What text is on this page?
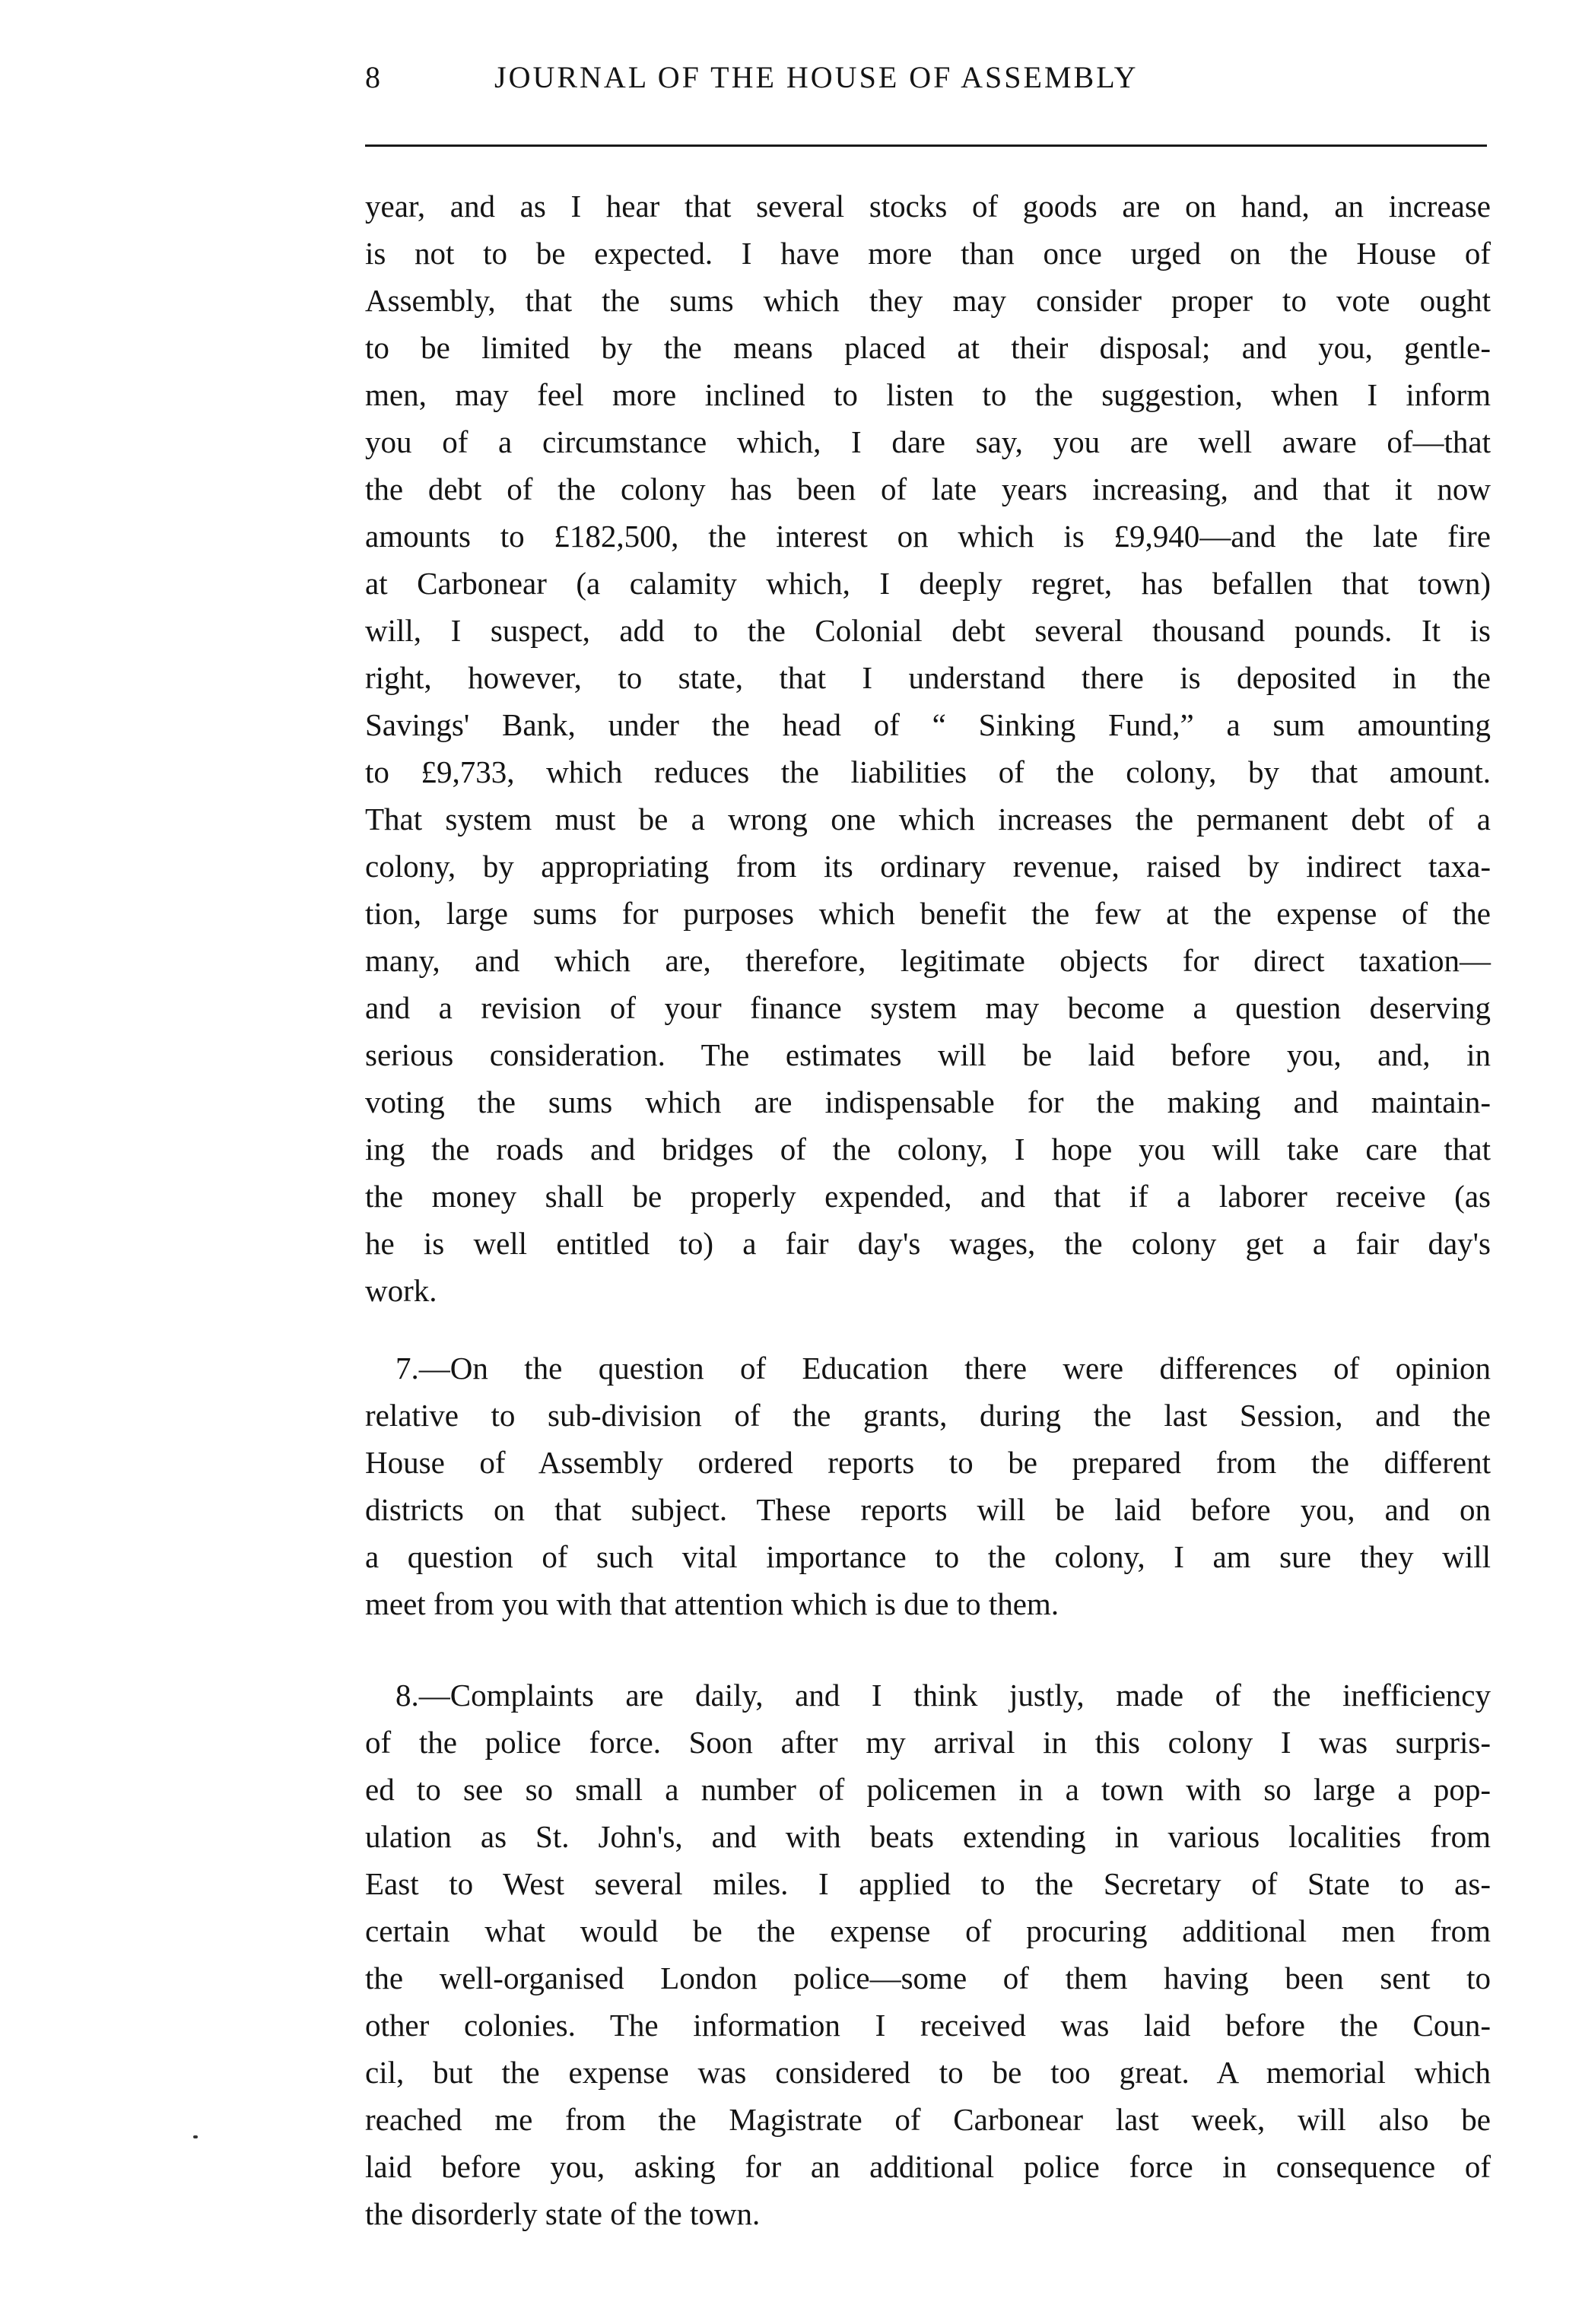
8	JOURNAL OF THE HOUSE OF ASSEMBLY
year, and as I hear that several stocks of goods are on hand, an increase
is not to be expected. I have more than once urged on the House of
Assembly, that the sums which they may consider proper to vote ought
to be limited by the means placed at their disposal; and you, gentle-
men, may feel more inclined to listen to the suggestion, when I inform
you of a circumstance which, I dare say, you are well aware of—that
the debt of the colony has been of late years increasing, and that it now
amounts to £182,500, the interest on which is £9,940—and the late fire
at Carbonear (a calamity which, I deeply regret, has befallen that town)
will, I suspect, add to the Colonial debt several thousand pounds. It is
right, however, to state, that I understand there is deposited in the
Savings' Bank, under the head of “ Sinking Fund,” a sum amounting
to £9,733, which reduces the liabilities of the colony, by that amount.
That system must be a wrong one which increases the permanent debt of a
colony, by appropriating from its ordinary revenue, raised by indirect taxa-
tion, large sums for purposes which benefit the few at the expense of the
many, and which are, therefore, legitimate objects for direct taxation—
and a revision of your finance system may become a question deserving
serious consideration. The estimates will be laid before you, and, in
voting the sums which are indispensable for the making and maintain-
ing the roads and bridges of the colony, I hope you will take care that
the money shall be properly expended, and that if a laborer receive (as
he is well entitled to) a fair day's wages, the colony get a fair day's
work.
7.—On the question of Education there were differences of opinion
relative to sub-division of the grants, during the last Session, and the
House of Assembly ordered reports to be prepared from the different
districts on that subject. These reports will be laid before you, and on
a question of such vital importance to the colony, I am sure they will
meet from you with that attention which is due to them.
8.—Complaints are daily, and I think justly, made of the inefficiency
of the police force. Soon after my arrival in this colony I was surpris-
ed to see so small a number of policemen in a town with so large a pop-
ulation as St. John's, and with beats extending in various localities from
East to West several miles. I applied to the Secretary of State to as-
certain what would be the expense of procuring additional men from
the well-organised London police—some of them having been sent to
other colonies. The information I received was laid before the Coun-
cil, but the expense was considered to be too great. A memorial which
reached me from the Magistrate of Carbonear last week, will also be
laid before you, asking for an additional police force in consequence of
the disorderly state of the town.
